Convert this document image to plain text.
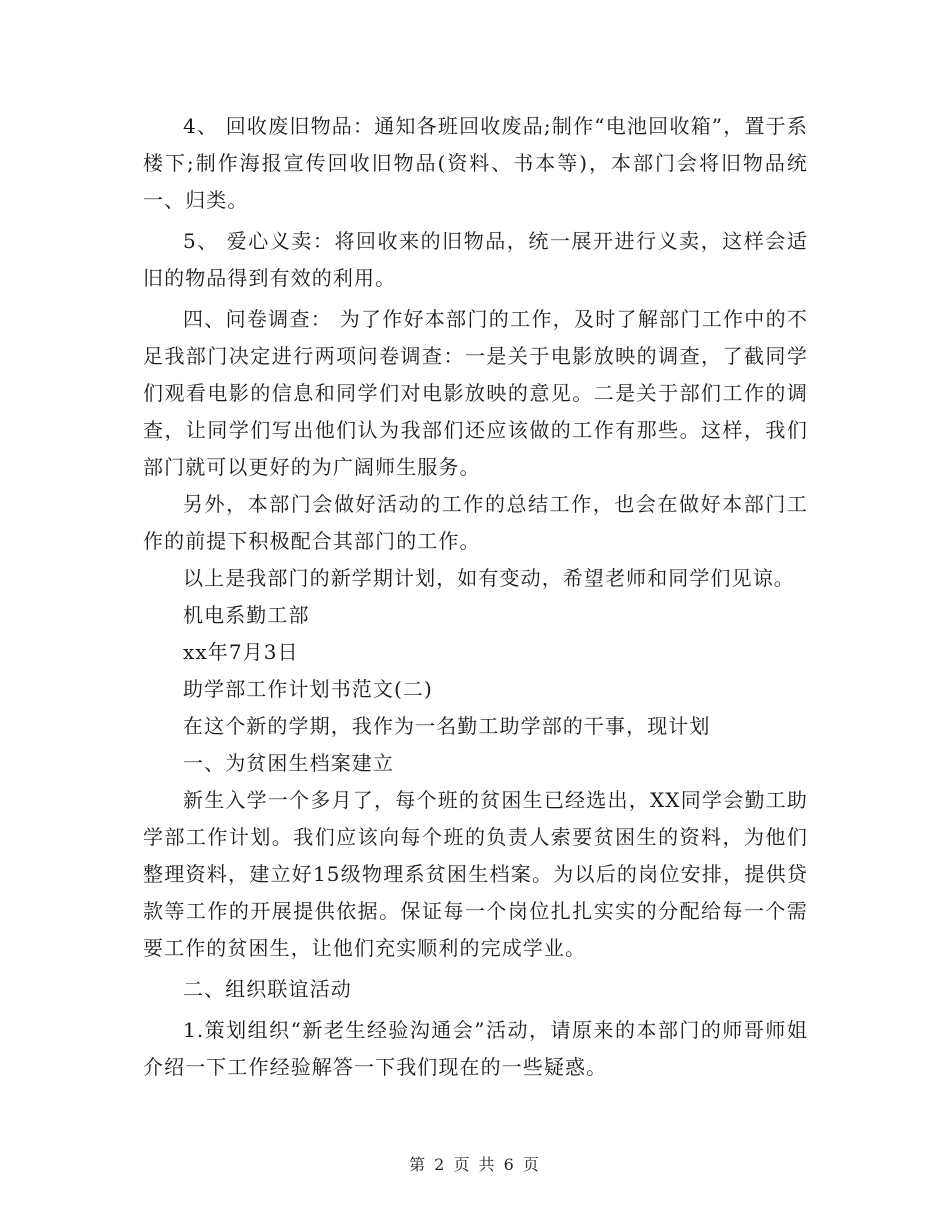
4、 回收废旧物品：通知各班回收废品;制作“电池回收箱”，置于系楼下;制作海报宣传回收旧物品(资料、书本等)，本部门会将旧物品统一、归类。

5、 爱心义卖：将回收来的旧物品，统一展开进行义卖，这样会适旧的物品得到有效的利用。

四、问卷调查： 为了作好本部门的工作，及时了解部门工作中的不足我部门决定进行两项问卷调查：一是关于电影放映的调查，了截同学们观看电影的信息和同学们对电影放映的意见。二是关于部们工作的调查，让同学们写出他们认为我部们还应该做的工作有那些。这样，我们部门就可以更好的为广阔师生服务。

另外，本部门会做好活动的工作的总结工作，也会在做好本部门工作的前提下积极配合其部门的工作。

以上是我部门的新学期计划，如有变动，希望老师和同学们见谅。

机电系勤工部

xx年7月3日

助学部工作计划书范文(二)

在这个新的学期，我作为一名勤工助学部的干事，现计划

一、为贫困生档案建立

新生入学一个多月了，每个班的贫困生已经选出，XX同学会勤工助学部工作计划。我们应该向每个班的负责人索要贫困生的资料，为他们整理资料，建立好15级物理系贫困生档案。为以后的岗位安排，提供贷款等工作的开展提供依据。保证每一个岗位扎扎实实的分配给每一个需要工作的贫困生，让他们充实顺利的完成学业。

二、组织联谊活动

1.策划组织“新老生经验沟通会”活动，请原来的本部门的师哥师姐介绍一下工作经验解答一下我们现在的一些疑惑。

第 2 页 共 6 页
